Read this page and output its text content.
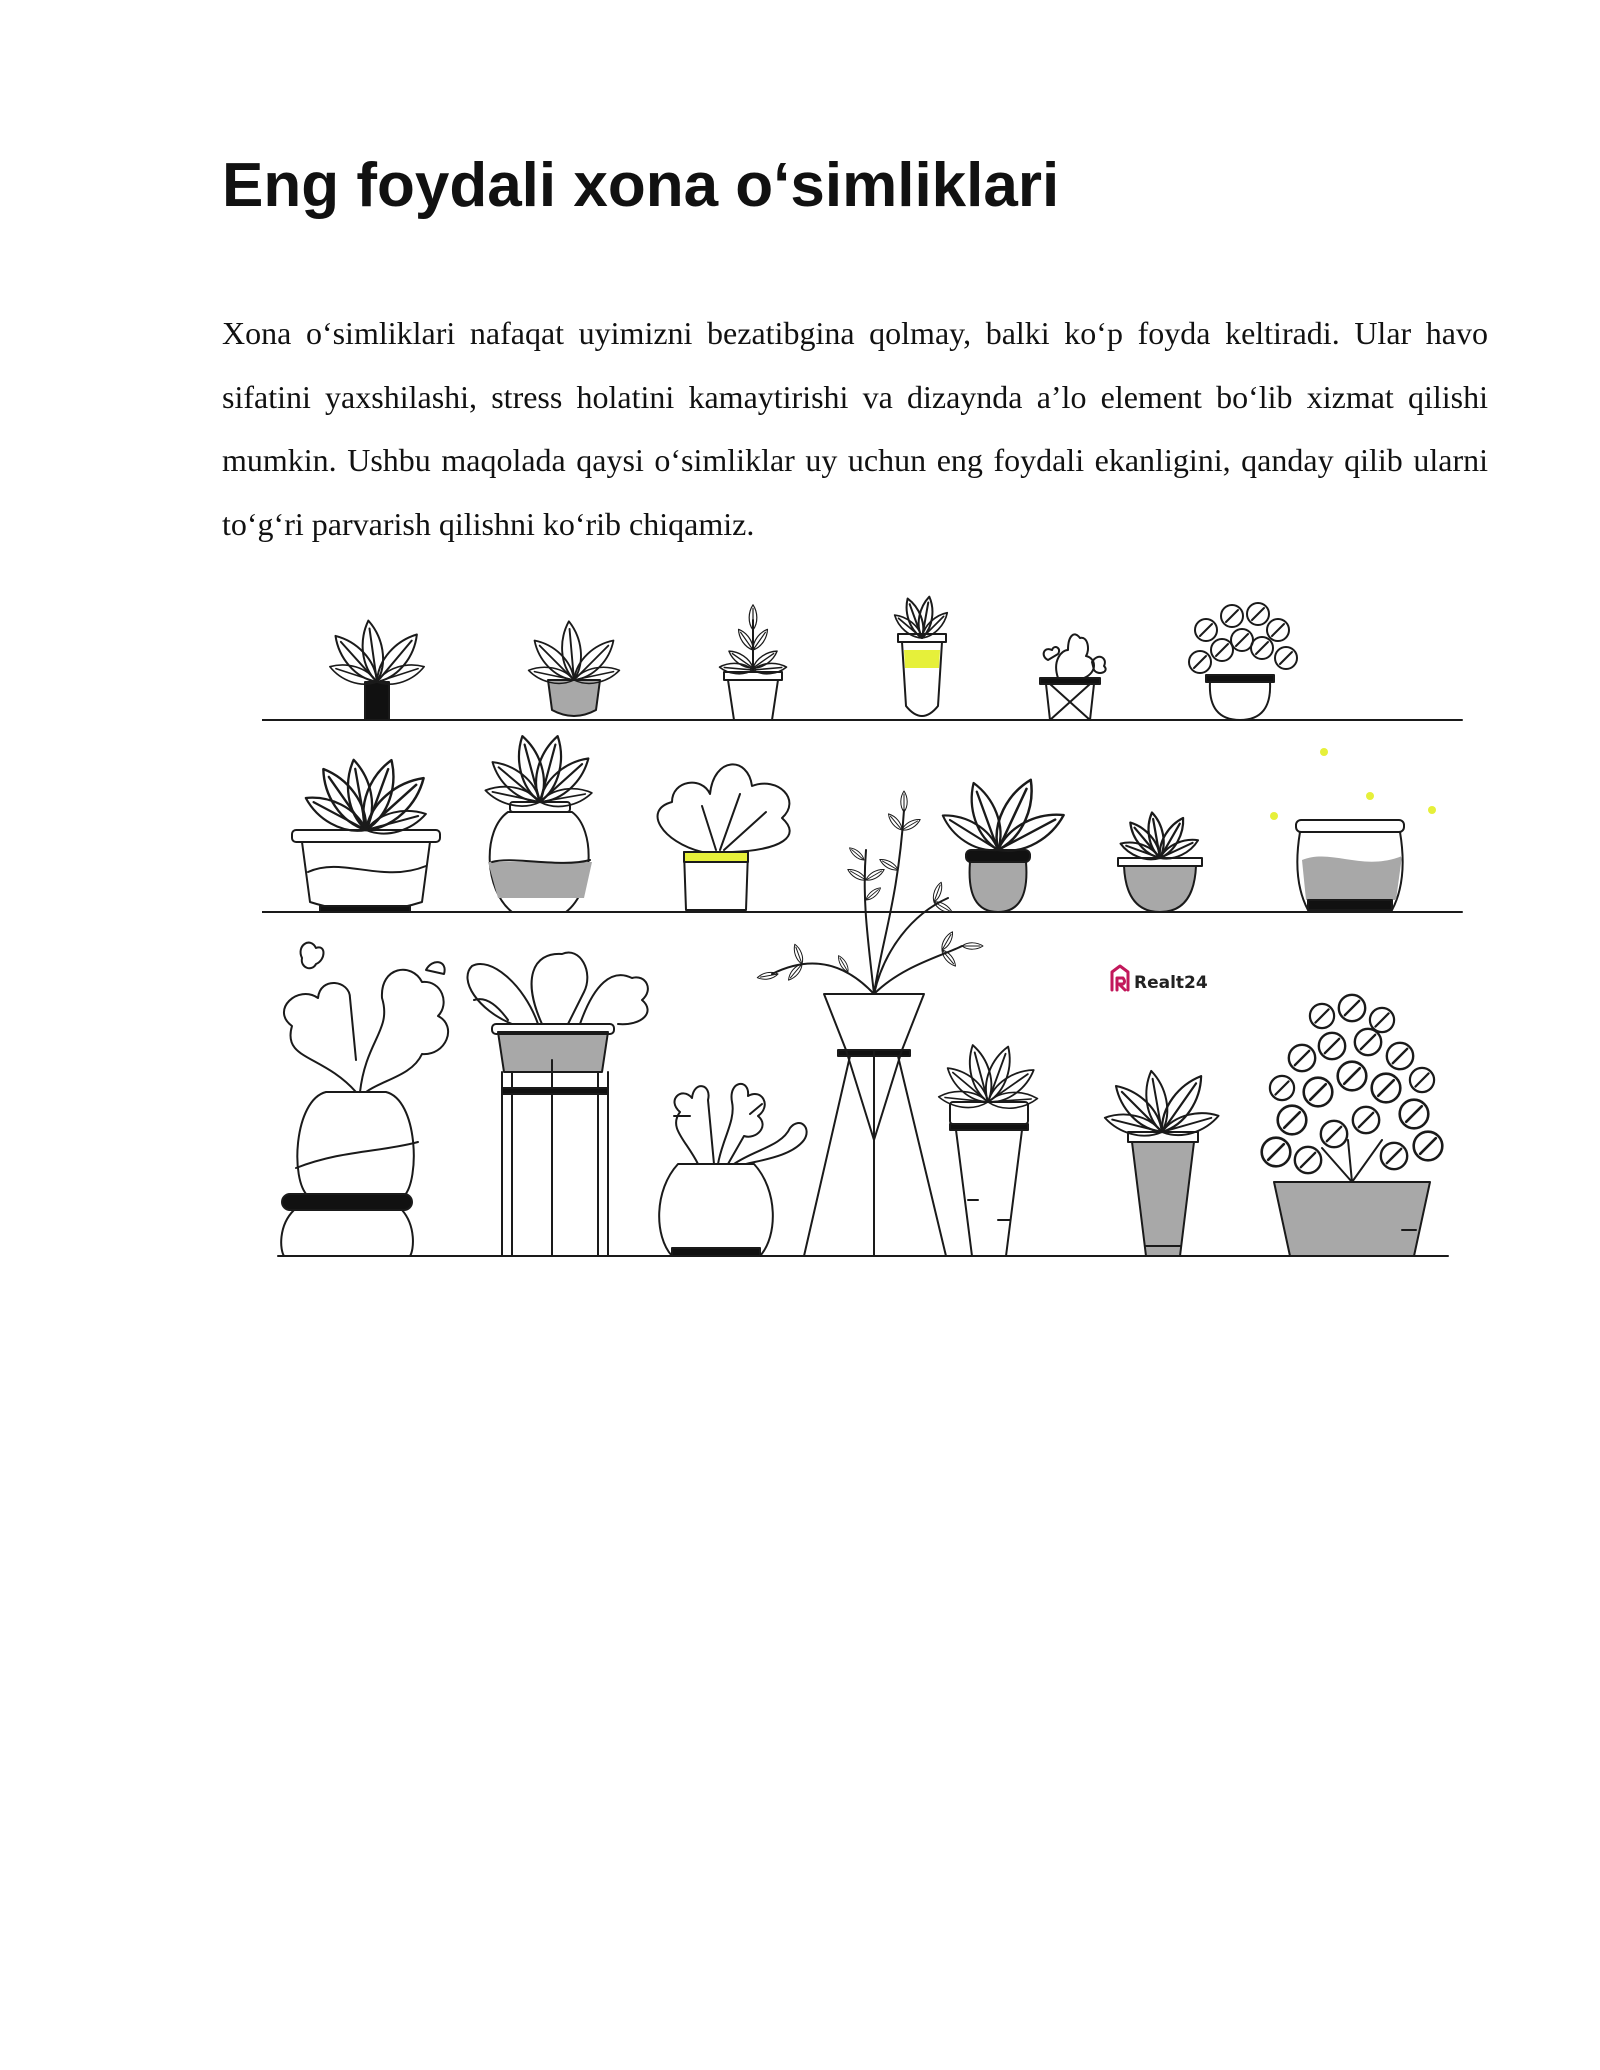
Eng foydali xona o‘simliklari

Xona o‘simliklari nafaqat uyimizni bezatibgina qolmay, balki ko‘p foyda keltiradi. Ular havo sifatini yaxshilashi, stress holatini kamaytirishi va dizaynda a’lo element bo‘lib xizmat qilishi mumkin. Ushbu maqolada qaysi o‘simliklar uy uchun eng foydali ekanligini, qanday qilib ularni to‘g‘ri parvarish qilishni ko‘rib chiqamiz.

Realt24
